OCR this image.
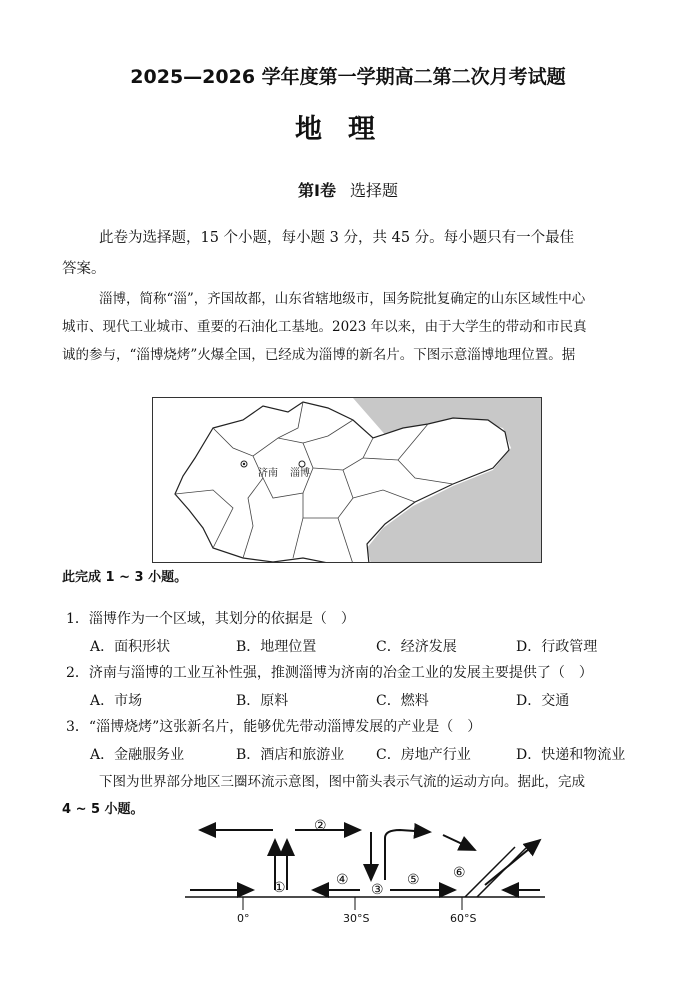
2025—2026 学年度第一学期高二第二次月考试题
地理
第Ⅰ卷 选择题
此卷为选择题，15 个小题，每小题 3 分，共 45 分。每小题只有一个最佳
答案。
淄博，简称“淄”，齐国故都，山东省辖地级市，国务院批复确定的山东区域性中心
城市、现代工业城市、重要的石油化工基地。2023 年以来，由于大学生的带动和市民真
诚的参与，“淄博烧烤”火爆全国，已经成为淄博的新名片。下图示意淄博地理位置。据
济南 淄博
此完成 1 ~ 3 小题。
1．淄博作为一个区域，其划分的依据是（　）
A．面积形状	B．地理位置	C．经济发展	D．行政管理
2．济南与淄博的工业互补性强，推测淄博为济南的冶金工业的发展主要提供了（　）
A．市场	B．原料	C．燃料	D．交通
3．“淄博烧烤”这张新名片，能够优先带动淄博发展的产业是（　）
A．金融服务业	B．酒店和旅游业 C．房地产行业	D．快递和物流业
下图为世界部分地区三圈环流示意图，图中箭头表示气流的运动方向。据此，完成
4 ~ 5 小题。
①
②
③
④	⑤ ⑥
0°	30°S	60°S
